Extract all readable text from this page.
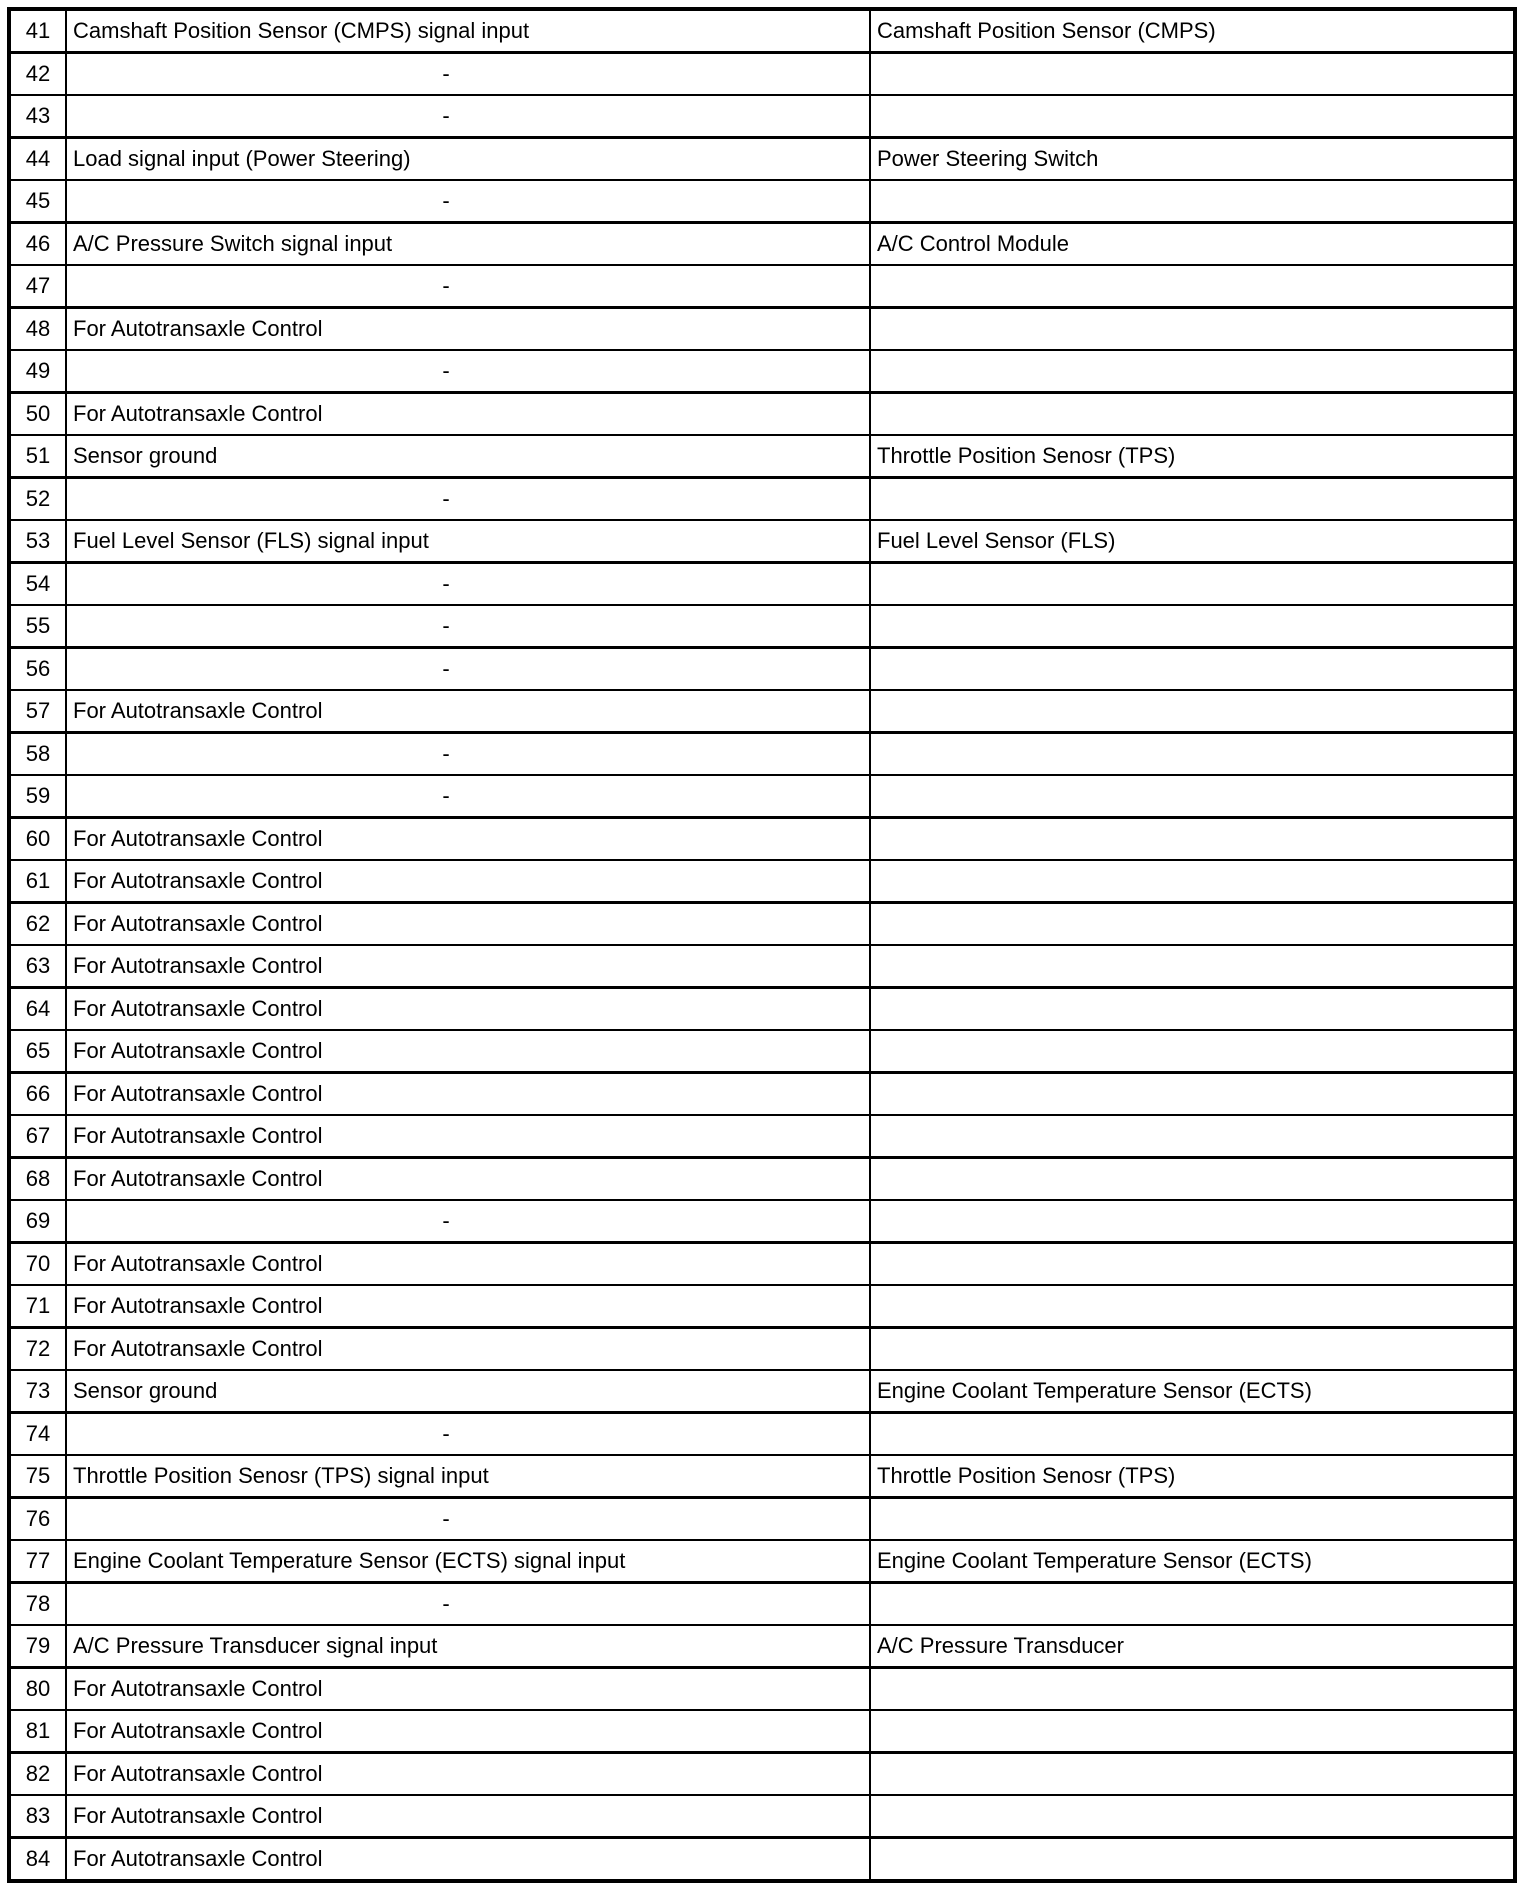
41	Camshaft Position Sensor (CMPS) signal input	Camshaft Position Sensor (CMPS)
42	-	
43	-	
44	Load signal input (Power Steering)	Power Steering Switch
45	-	
46	A/C Pressure Switch signal input	A/C Control Module
47	-	
48	For Autotransaxle Control	
49	-	
50	For Autotransaxle Control	
51	Sensor ground	Throttle Position Senosr (TPS)
52	-	
53	Fuel Level Sensor (FLS) signal input	Fuel Level Sensor (FLS)
54	-	
55	-	
56	-	
57	For Autotransaxle Control	
58	-	
59	-	
60	For Autotransaxle Control	
61	For Autotransaxle Control	
62	For Autotransaxle Control	
63	For Autotransaxle Control	
64	For Autotransaxle Control	
65	For Autotransaxle Control	
66	For Autotransaxle Control	
67	For Autotransaxle Control	
68	For Autotransaxle Control	
69	-	
70	For Autotransaxle Control	
71	For Autotransaxle Control	
72	For Autotransaxle Control	
73	Sensor ground	Engine Coolant Temperature Sensor (ECTS)
74	-	
75	Throttle Position Senosr (TPS) signal input	Throttle Position Senosr (TPS)
76	-	
77	Engine Coolant Temperature Sensor (ECTS) signal input	Engine Coolant Temperature Sensor (ECTS)
78	-	
79	A/C Pressure Transducer signal input	A/C Pressure Transducer
80	For Autotransaxle Control	
81	For Autotransaxle Control	
82	For Autotransaxle Control	
83	For Autotransaxle Control	
84	For Autotransaxle Control	
